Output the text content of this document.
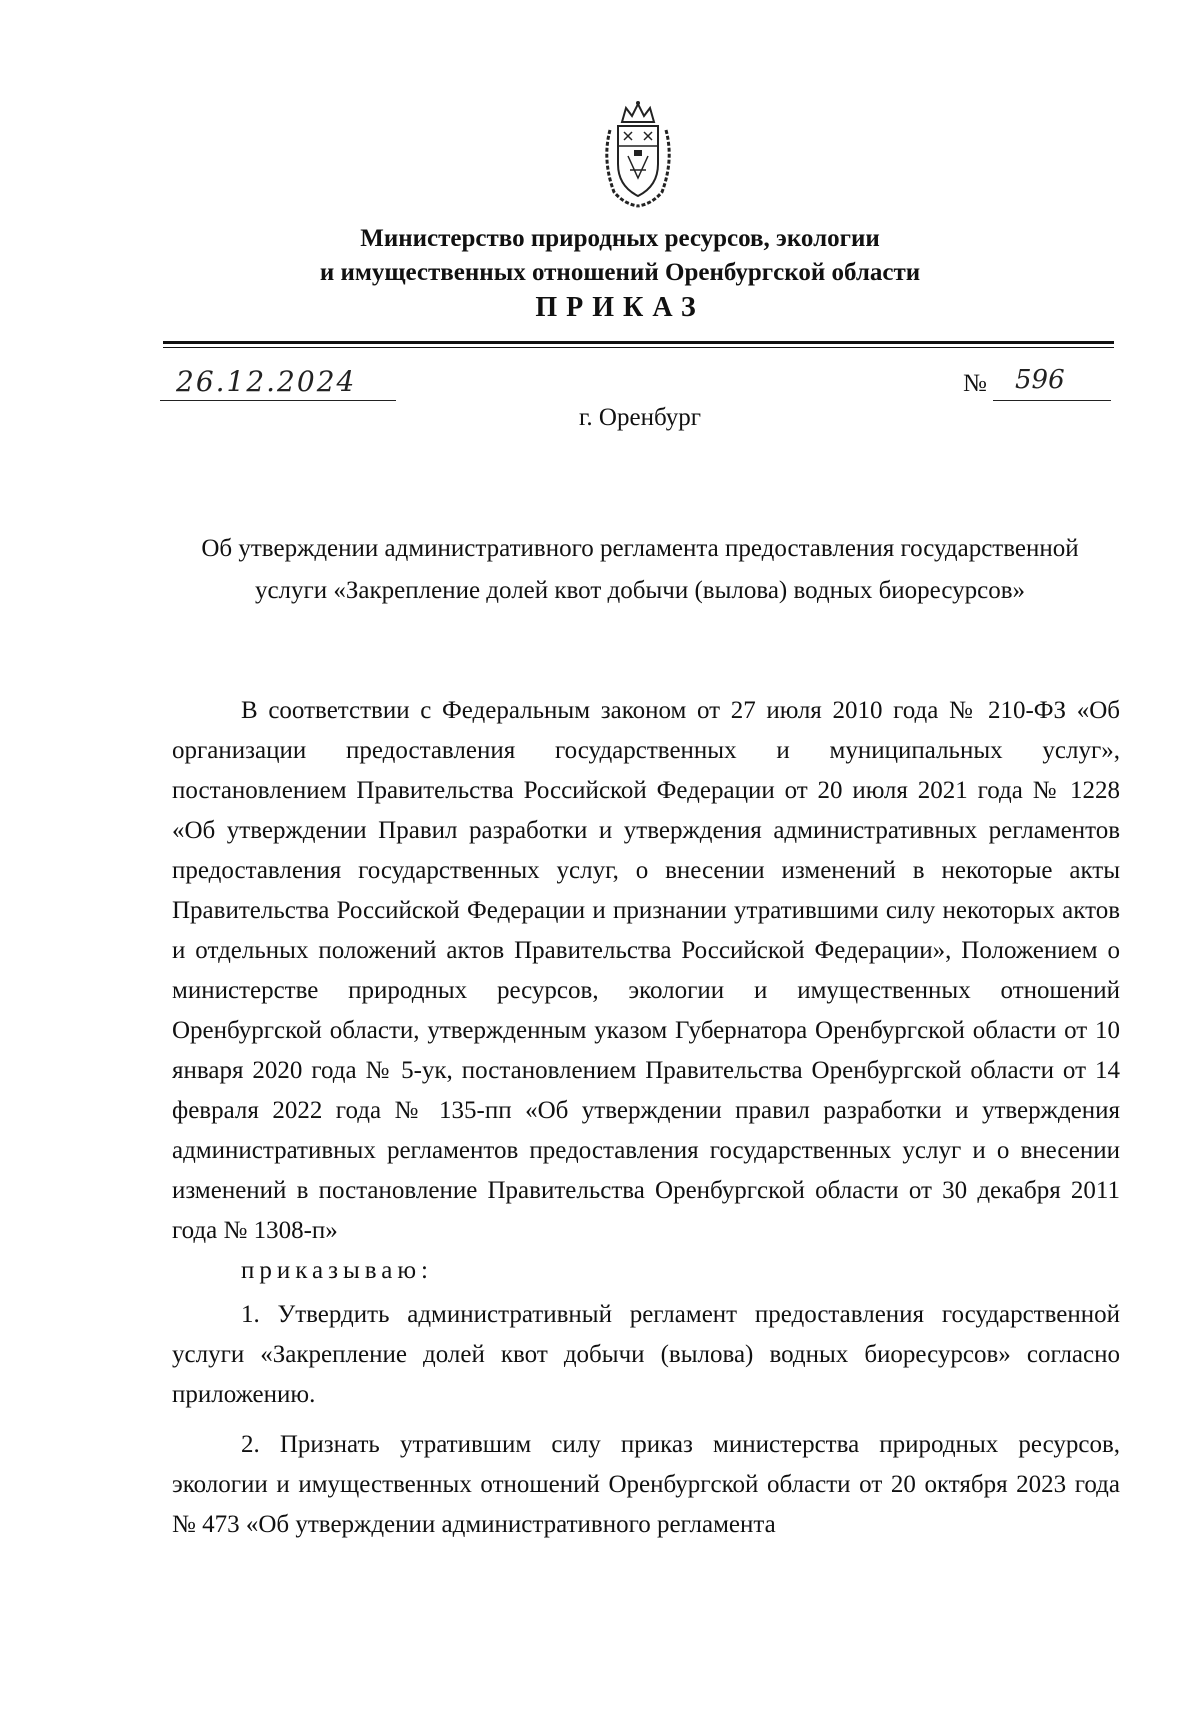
Министерство природных ресурсов, экологии
и имущественных отношений Оренбургской области
ПРИКАЗ
26.12.2024	№	596
г. Оренбург
Об утверждении административного регламента предоставления государственной услуги «Закрепление долей квот добычи (вылова) водных биоресурсов»

В соответствии с Федеральным законом от 27 июля 2010 года № 210-ФЗ «Об организации предоставления государственных и муниципальных услуг», постановлением Правительства Российской Федерации от 20 июля 2021 года № 1228 «Об утверждении Правил разработки и утверждения административных регламентов предоставления государственных услуг, о внесении изменений в некоторые акты Правительства Российской Федерации и признании утратившими силу некоторых актов и отдельных положений актов Правительства Российской Федерации», Положением о министерстве природных ресурсов, экологии и имущественных отношений Оренбургской области, утвержденным указом Губернатора Оренбургской области от 10 января 2020 года № 5-ук, постановлением Правительства Оренбургской области от 14 февраля 2022 года № 135-пп «Об утверждении правил разработки и утверждения административных регламентов предоставления государственных услуг и о внесении изменений в постановление Правительства Оренбургской области от 30 декабря 2011 года № 1308-п»

приказываю:

1. Утвердить административный регламент предоставления государственной услуги «Закрепление долей квот добычи (вылова) водных биоресурсов» согласно приложению.

2. Признать утратившим силу приказ министерства природных ресурсов, экологии и имущественных отношений Оренбургской области от 20 октября 2023 года № 473 «Об утверждении административного регламента
